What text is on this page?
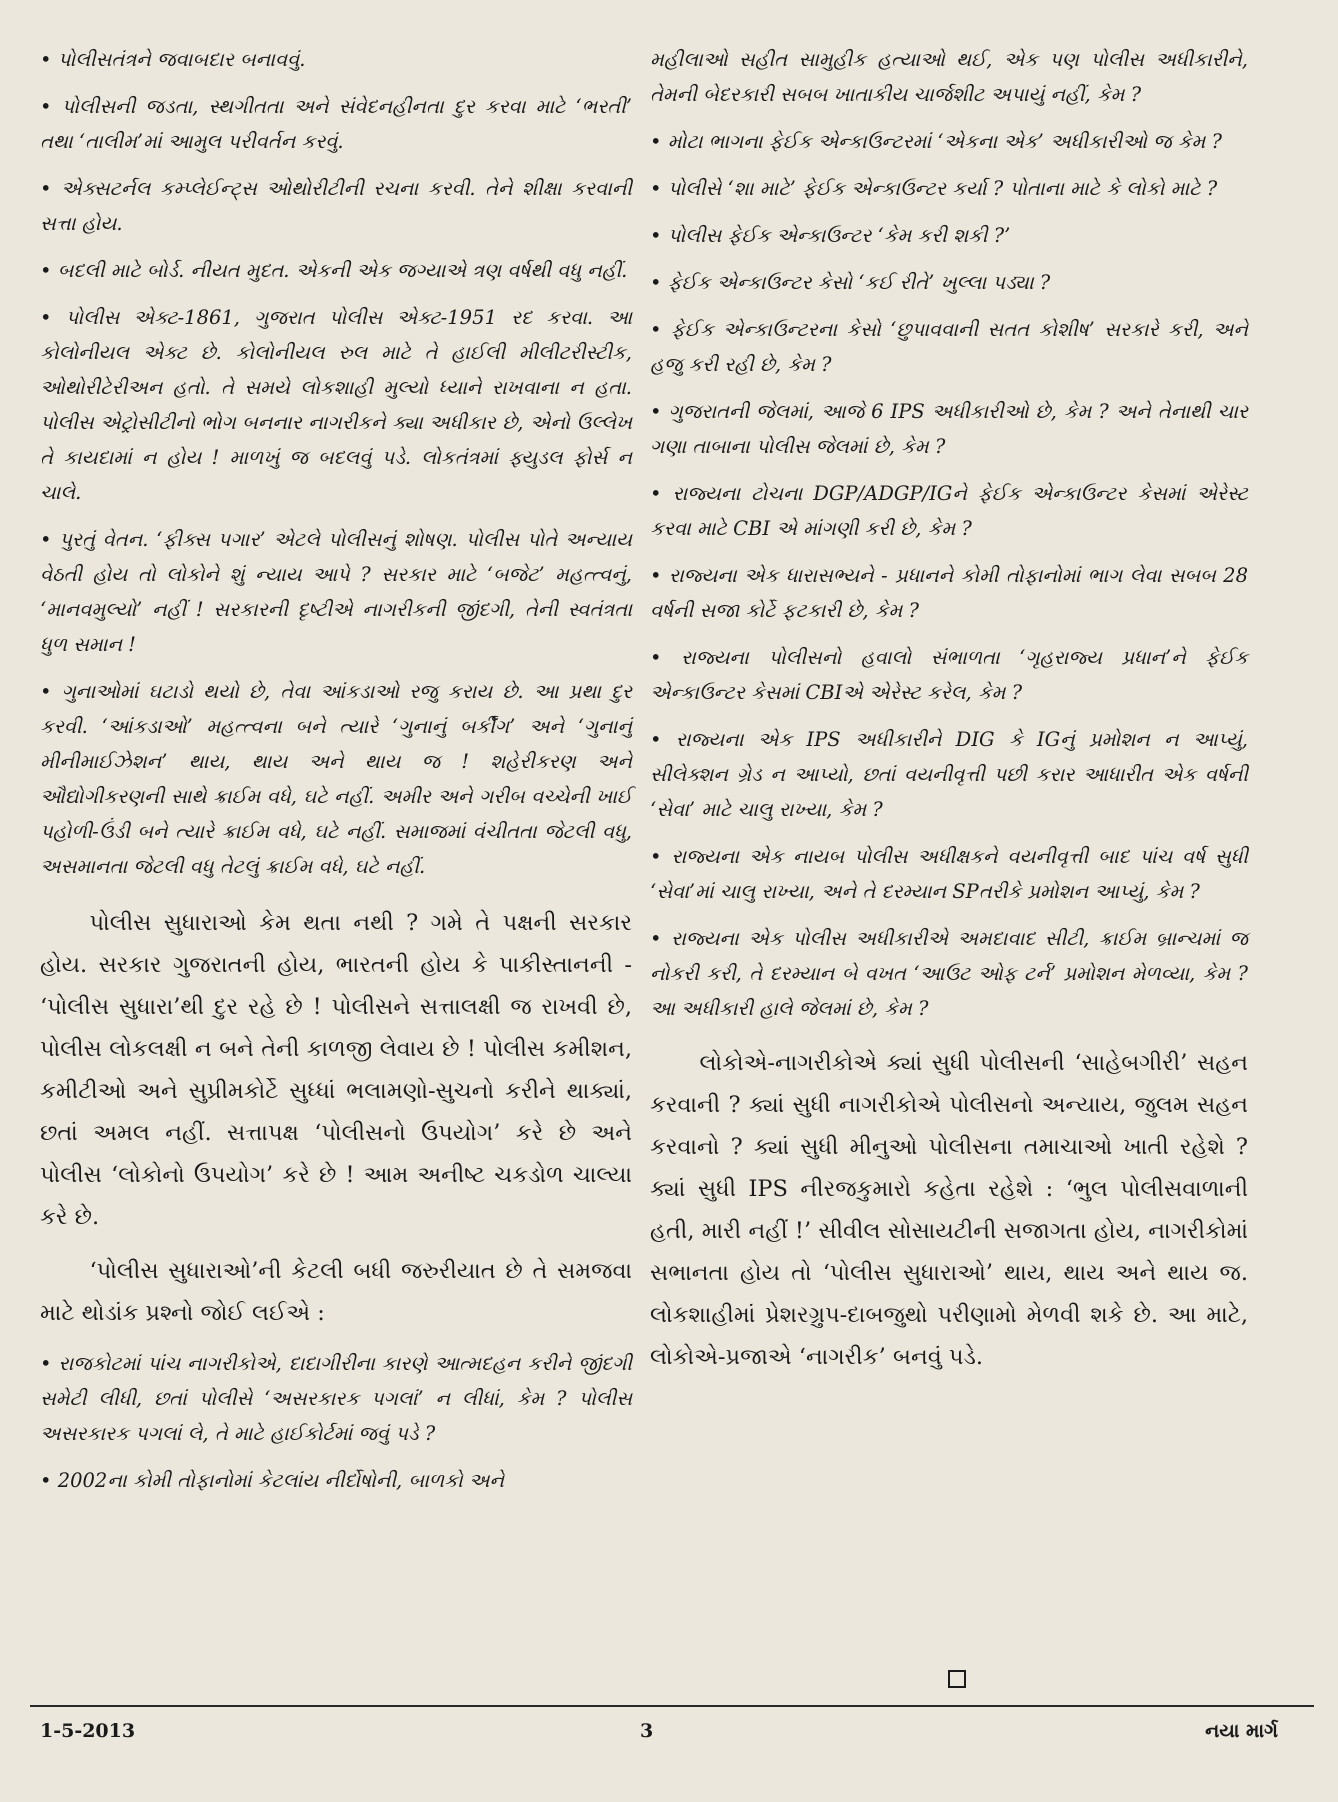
• પોલીસતંત્રને જવાબદાર બનાવવું.

• પોલીસની જડતા, સ્થગીતતા અને સંવેદનહીનતા દુર કરવા માટે ‘ભરતી’ તથા ‘તાલીમ’માં આમુલ પરીવર્તન કરવું.

• એક્સટર્નલ કમ્પ્લેઈન્ટ્સ ઓથોરીટીની રચના કરવી. તેને શીક્ષા કરવાની સત્તા હોય.

• બદલી માટે બોર્ડ. નીયત મુદત. એકની એક જગ્યાએ ત્રણ વર્ષથી વધુ નહીં.

• પોલીસ એક્ટ-1861, ગુજરાત પોલીસ એક્ટ-1951 રદ કરવા. આ કોલોનીયલ એક્ટ છે. કોલોનીયલ રુલ માટે તે હાઈલી મીલીટરીસ્ટીક, ઓથોરીટેરીઅન હતો. તે સમયે લોકશાહી મુલ્યો ધ્યાને રાખવાના ન હતા. પોલીસ એટ્રોસીટીનો ભોગ બનનાર નાગરીકને ક્યા અધીકાર છે, એનો ઉલ્લેખ તે કાયદામાં ન હોય ! માળખું જ બદલવું પડે. લોકતંત્રમાં ફ્યુડલ ફોર્સ ન ચાલે.

• પુરતું વેતન. ‘ફીક્સ પગાર’ એટલે પોલીસનું શોષણ. પોલીસ પોતે અન્યાય વેઠતી હોય તો લોકોને શું ન્યાય આપે ? સરકાર માટે ‘બજેટ’ મહત્ત્વનું, ‘માનવમુલ્યો’ નહીં ! સરકારની દૃષ્ટીએ નાગરીકની જીંદગી, તેની સ્વતંત્રતા ધુળ સમાન !

• ગુનાઓમાં ઘટાડો થયો છે, તેવા આંકડાઓ રજુ કરાય છે. આ પ્રથા દુર કરવી. ‘આંકડાઓ’ મહત્ત્વના બને ત્યારે ‘ગુનાનું બર્કીંગ’ અને ‘ગુનાનું મીનીમાઈઝેશન’ થાય, થાય અને થાય જ ! શહેરીકરણ અને ઔદ્યોગીકરણની સાથે ક્રાઈમ વધે, ઘટે નહીં. અમીર અને ગરીબ વચ્ચેની ખાઈ પહોળી-ઉંડી બને ત્યારે ક્રાઈમ વધે, ઘટે નહીં. સમાજમાં વંચીતતા જેટલી વધુ, અસમાનતા જેટલી વધુ તેટલું ક્રાઈમ વધે, ઘટે નહીં.

પોલીસ સુધારાઓ કેમ થતા નથી ? ગમે તે પક્ષની સરકાર હોય. સરકાર ગુજરાતની હોય, ભારતની હોય કે પાકીસ્તાનની - ‘પોલીસ સુધારા’થી દુર રહે છે ! પોલીસને સત્તાલક્ષી જ રાખવી છે, પોલીસ લોકલક્ષી ન બને તેની કાળજી લેવાય છે ! પોલીસ કમીશન, કમીટીઓ અને સુપ્રીમકોર્ટે સુધ્ધાં ભલામણો-સુચનો કરીને થાક્યાં, છતાં અમલ નહીં. સત્તાપક્ષ ‘પોલીસનો ઉપયોગ’ કરે છે અને પોલીસ ‘લોકોનો ઉપયોગ’ કરે છે ! આમ અનીષ્ટ ચકડોળ ચાલ્યા કરે છે.

‘પોલીસ સુધારાઓ’ની કેટલી બધી જરુરીયાત છે તે સમજવા માટે થોડાંક પ્રશ્નો જોઈ લઈએ :

• રાજકોટમાં પાંચ નાગરીકોએ, દાદાગીરીના કારણે આત્મદહન કરીને જીંદગી સમેટી લીધી, છતાં પોલીસે ‘અસરકારક પગલાં’ ન લીધાં, કેમ ? પોલીસ અસરકારક પગલાં લે, તે માટે હાઈકોર્ટમાં જવું પડે ?

• 2002ના કોમી તોફાનોમાં કેટલાંય નીર્દોષોની, બાળકો અને

મહીલાઓ સહીત સામુહીક હત્યાઓ થઈ, એક પણ પોલીસ અધીકારીને, તેમની બેદરકારી સબબ ખાતાકીય ચાર્જશીટ અપાયું નહીં, કેમ ?

• મોટા ભાગના ફેઈક એન્કાઉન્ટરમાં ‘એકના એક’ અધીકારીઓ જ કેમ ?

• પોલીસે ‘શા માટે’ ફેઈક એન્કાઉન્ટર કર્યા ? પોતાના માટે કે લોકો માટે ?

• પોલીસ ફેઈક એન્કાઉન્ટર ‘કેમ કરી શકી ?’

• ફેઈક એન્કાઉન્ટર કેસો ‘કઈ રીતે’ ખુલ્લા પડ્યા ?

• ફેઈક એન્કાઉન્ટરના કેસો ‘છુપાવવાની સતત કોશીષ’ સરકારે કરી, અને હજુ કરી રહી છે, કેમ ?

• ગુજરાતની જેલમાં, આજે 6 IPS અધીકારીઓ છે, કેમ ? અને તેનાથી ચાર ગણા તાબાના પોલીસ જેલમાં છે, કેમ ?

• રાજ્યના ટોચના DGP/ADGP/IGને ફેઈક એન્કાઉન્ટર કેસમાં એરેસ્ટ કરવા માટે CBI એ માંગણી કરી છે, કેમ ?

• રાજ્યના એક ધારાસભ્યને - પ્રધાનને કોમી તોફાનોમાં ભાગ લેવા સબબ 28 વર્ષની સજા કોર્ટે ફટકારી છે, કેમ ?

• રાજ્યના પોલીસનો હવાલો સંભાળતા ‘ગૃહરાજ્ય પ્રધાન’ને ફેઈક એન્કાઉન્ટર કેસમાં CBIએ એરેસ્ટ કરેલ, કેમ ?

• રાજ્યના એક IPS અધીકારીને DIG કે IGનું પ્રમોશન ન આપ્યું, સીલેક્શન ગ્રેડ ન આપ્યો, છતાં વયનીવૃત્તી પછી કરાર આધારીત એક વર્ષની ‘સેવા’ માટે ચાલુ રાખ્યા, કેમ ?

• રાજ્યના એક નાયબ પોલીસ અધીક્ષકને વયનીવૃત્તી બાદ પાંચ વર્ષ સુધી ‘સેવા’માં ચાલુ રાખ્યા, અને તે દરમ્યાન SPતરીકે પ્રમોશન આપ્યું, કેમ ?

• રાજ્યના એક પોલીસ અધીકારીએ અમદાવાદ સીટી, ક્રાઈમ બ્રાન્ચમાં જ નોકરી કરી, તે દરમ્યાન બે વખત ‘આઉટ ઓફ ટર્ન’ પ્રમોશન મેળવ્યા, કેમ ? આ અધીકારી હાલે જેલમાં છે, કેમ ?

લોકોએ-નાગરીકોએ ક્યાં સુધી પોલીસની ‘સાહેબગીરી’ સહન કરવાની ? ક્યાં સુધી નાગરીકોએ પોલીસનો અન્યાય, જુલમ સહન કરવાનો ? ક્યાં સુધી મીનુઓ પોલીસના તમાચાઓ ખાતી રહેશે ? ક્યાં સુધી IPS નીરજકુમારો કહેતા રહેશે : ‘ભુલ પોલીસવાળાની હતી, મારી નહીં !’ સીવીલ સોસાયટીની સજાગતા હોય, નાગરીકોમાં સભાનતા હોય તો ‘પોલીસ સુધારાઓ’ થાય, થાય અને થાય જ. લોકશાહીમાં પ્રેશરગ્રુપ-દાબજુથો પરીણામો મેળવી શકે છે. આ માટે, લોકોએ-પ્રજાએ ‘નાગરીક’ બનવું પડે.

1-5-2013	3	નયા માર્ગ
